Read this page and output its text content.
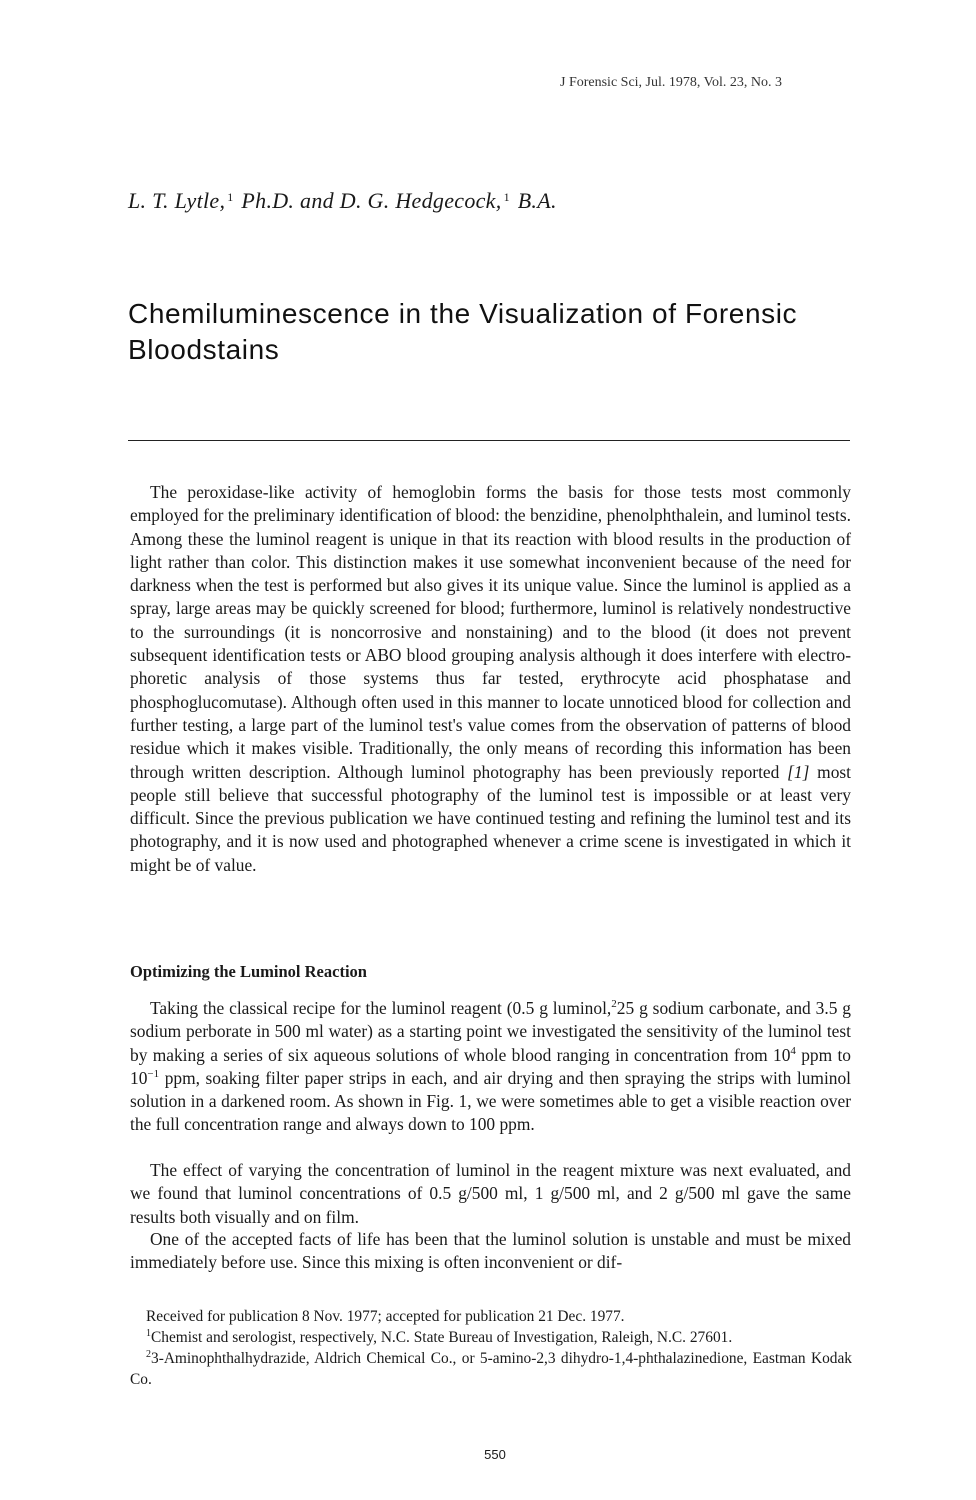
J Forensic Sci, Jul. 1978, Vol. 23, No. 3
L. T. Lytle, $^1$ Ph.D. and D. G. Hedgecock, $^1$ B.A.
Chemiluminescence in the Visualization of Forensic Bloodstains

The peroxidase-like activity of hemoglobin forms the basis for those tests most commonly employed for the preliminary identification of blood: the benzidine, phenolphthalein, and luminol tests. Among these the luminol reagent is unique in that its reaction with blood results in the production of light rather than color. This distinction makes it use somewhat inconvenient because of the need for darkness when the test is performed but also gives it its unique value. Since the luminol is applied as a spray, large areas may be quickly screened for blood; furthermore, luminol is relatively nondestructive to the surroundings (it is noncorrosive and nonstaining) and to the blood (it does not prevent subsequent identification tests or ABO blood grouping analysis although it does interfere with electrophoretic analysis of those systems thus far tested, erythrocyte acid phosphatase and phosphoglucomutase). Although often used in this manner to locate unnoticed blood for collection and further testing, a large part of the luminol test's value comes from the observation of patterns of blood residue which it makes visible. Traditionally, the only means of recording this information has been through written description. Although luminol photography has been previously reported [1] most people still believe that successful photography of the luminol test is impossible or at least very difficult. Since the previous publication we have continued testing and refining the luminol test and its photography, and it is now used and photographed whenever a crime scene is investigated in which it might be of value.

Optimizing the Luminol Reaction

Taking the classical recipe for the luminol reagent (0.5 g luminol,$^2$25 g sodium carbonate, and 3.5 g sodium perborate in 500 ml water) as a starting point we investigated the sensitivity of the luminol test by making a series of six aqueous solutions of whole blood ranging in concentration from $10^4$ ppm to $10^{-1}$ ppm, soaking filter paper strips in each, and air drying and then spraying the strips with luminol solution in a darkened room. As shown in Fig. 1, we were sometimes able to get a visible reaction over the full concentration range and always down to 100 ppm.

The effect of varying the concentration of luminol in the reagent mixture was next evaluated, and we found that luminol concentrations of 0.5 g/500 ml, 1 g/500 ml, and 2 g/500 ml gave the same results both visually and on film.

One of the accepted facts of life has been that the luminol solution is unstable and must be mixed immediately before use. Since this mixing is often inconvenient or dif-

Received for publication 8 Nov. 1977; accepted for publication 21 Dec. 1977.

$^1$Chemist and serologist, respectively, N.C. State Bureau of Investigation, Raleigh, N.C. 27601.

$^2$3-Aminophthalhydrazide, Aldrich Chemical Co., or 5-amino-2,3 dihydro-1,4-phthalazinedione, Eastman Kodak Co.

550
